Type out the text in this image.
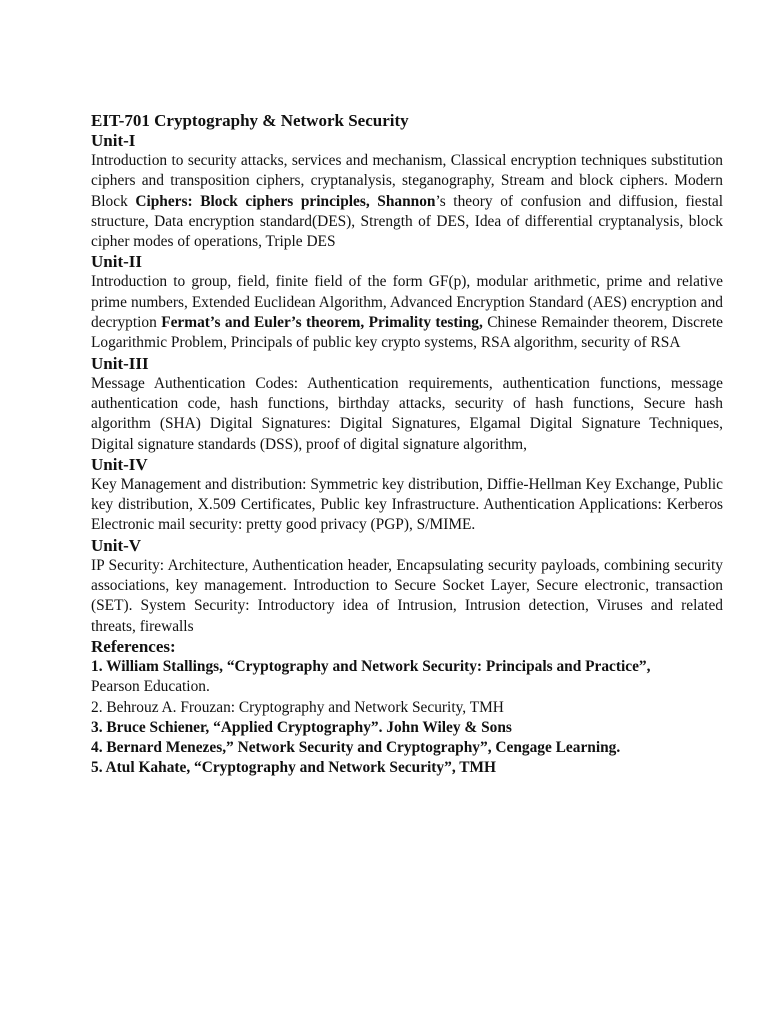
EIT-701 Cryptography & Network Security
Unit-I

Introduction to security attacks, services and mechanism, Classical encryption techniques substitution ciphers and transposition ciphers, cryptanalysis, steganography, Stream and block ciphers. Modern Block Ciphers: Block ciphers principles, Shannon’s theory of confusion and diffusion, fiestal structure, Data encryption standard(DES), Strength of DES, Idea of differential cryptanalysis, block cipher modes of operations, Triple DES

Unit-II

Introduction to group, field, finite field of the form GF(p), modular arithmetic, prime and relative prime numbers, Extended Euclidean Algorithm, Advanced Encryption Standard (AES) encryption and decryption Fermat’s and Euler’s theorem, Primality testing, Chinese Remainder theorem, Discrete Logarithmic Problem, Principals of public key crypto systems, RSA algorithm, security of RSA

Unit-III

Message Authentication Codes: Authentication requirements, authentication functions, message authentication code, hash functions, birthday attacks, security of hash functions, Secure hash algorithm (SHA) Digital Signatures: Digital Signatures, Elgamal Digital Signature Techniques, Digital signature standards (DSS), proof of digital signature algorithm,

Unit-IV

Key Management and distribution: Symmetric key distribution, Diffie-Hellman Key Exchange, Public key distribution, X.509 Certificates, Public key Infrastructure. Authentication Applications: Kerberos Electronic mail security: pretty good privacy (PGP), S/MIME.

Unit-V

IP Security: Architecture, Authentication header, Encapsulating security payloads, combining security associations, key management. Introduction to Secure Socket Layer, Secure electronic, transaction (SET). System Security: Introductory idea of Intrusion, Intrusion detection, Viruses and related threats, firewalls

References:
1. William Stallings, “Cryptography and Network Security: Principals and Practice”,
Pearson Education.
2. Behrouz A. Frouzan: Cryptography and Network Security, TMH
3. Bruce Schiener, “Applied Cryptography”. John Wiley & Sons
4. Bernard Menezes,” Network Security and Cryptography”, Cengage Learning.
5. Atul Kahate, “Cryptography and Network Security”, TMH
